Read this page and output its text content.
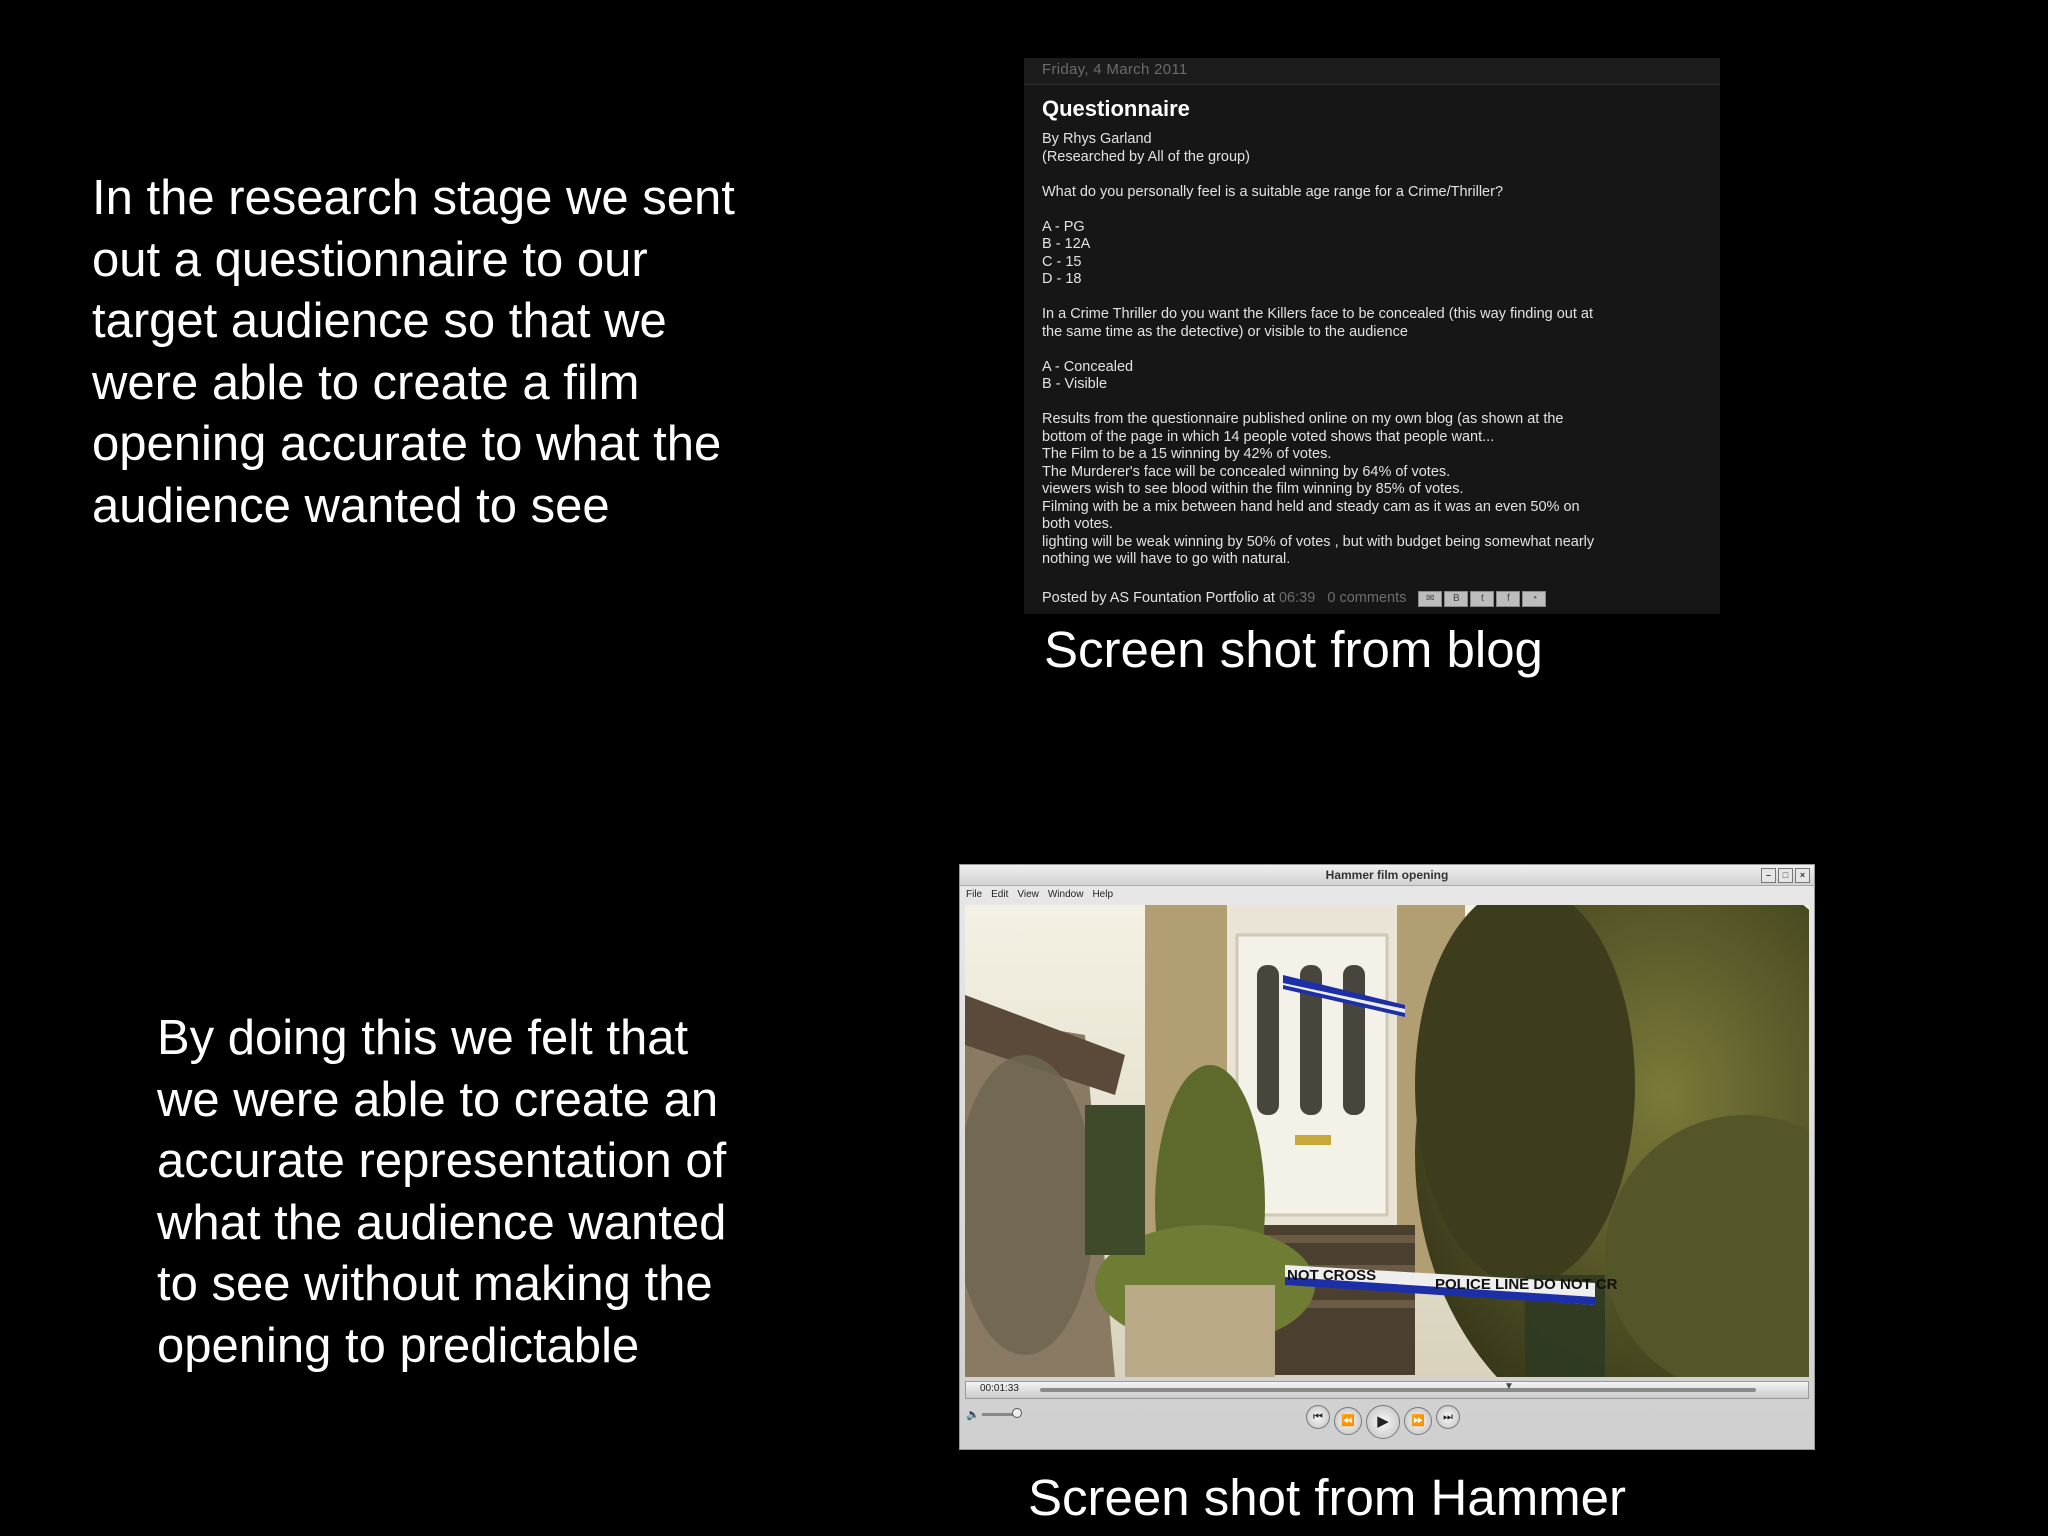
In the research stage we sent
out a questionnaire to our
target audience so that we
were able to create a film
opening accurate to what the
audience wanted to see

By doing this we felt that
we were able to create an
accurate representation of
what the audience wanted
to see without making the
opening to predictable

Friday, 4 March 2011
Questionnaire
By Rhys Garland
(Researched by All of the group)
What do you personally feel is a suitable age range for a Crime/Thriller?
A - PG
B - 12A
C - 15
D - 18
In a Crime Thriller do you want the Killers face to be concealed (this way finding out at
the same time as the detective) or visible to the audience
A - Concealed
B - Visible
Results from the questionnaire published online on my own blog (as shown at the
bottom of the page in which 14 people voted shows that people want...
The Film to be a 15 winning by 42% of votes.
The Murderer's face will be concealed winning by 64% of votes.
viewers wish to see blood within the film winning by 85% of votes.
Filming with be a mix between hand held and steady cam as it was an even 50% on
both votes.
lighting will be weak winning by 50% of votes , but with budget being somewhat nearly
nothing we will have to go with natural.
Posted by AS Fountation Portfolio at
06:39
0 comments	✉	B	t	f	◔
Screen shot from blog
Hammer film opening	–	□	×
File Edit View Window Help
NOT CROSS
POLICE LINE DO NOT CR
00:01:33	▼
🔈	⏮	⏪	▶	⏩	⏭
Screen shot from Hammer
